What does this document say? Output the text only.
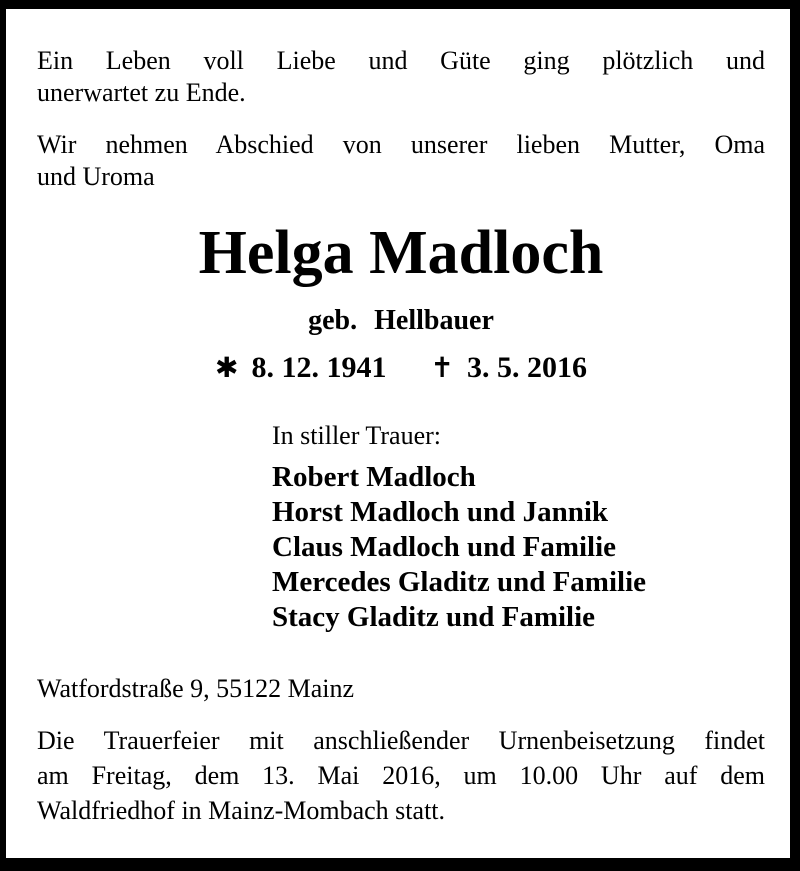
Ein Leben voll Liebe und Güte ging plötzlich und
unerwartet zu Ende.
Wir nehmen Abschied von unserer lieben Mutter, Oma
und Uroma
Helga Madloch
geb. Hellbauer
✱ 8. 12. 1941 ✝ 3. 5. 2016
In stiller Trauer:
Robert Madloch
Horst Madloch und Jannik
Claus Madloch und Familie
Mercedes Gladitz und Familie
Stacy Gladitz und Familie
Watfordstraße 9, 55122 Mainz
Die Trauerfeier mit anschließender Urnenbeisetzung findet
am Freitag, dem 13. Mai 2016, um 10.00 Uhr auf dem
Waldfriedhof in Mainz-Mombach statt.
